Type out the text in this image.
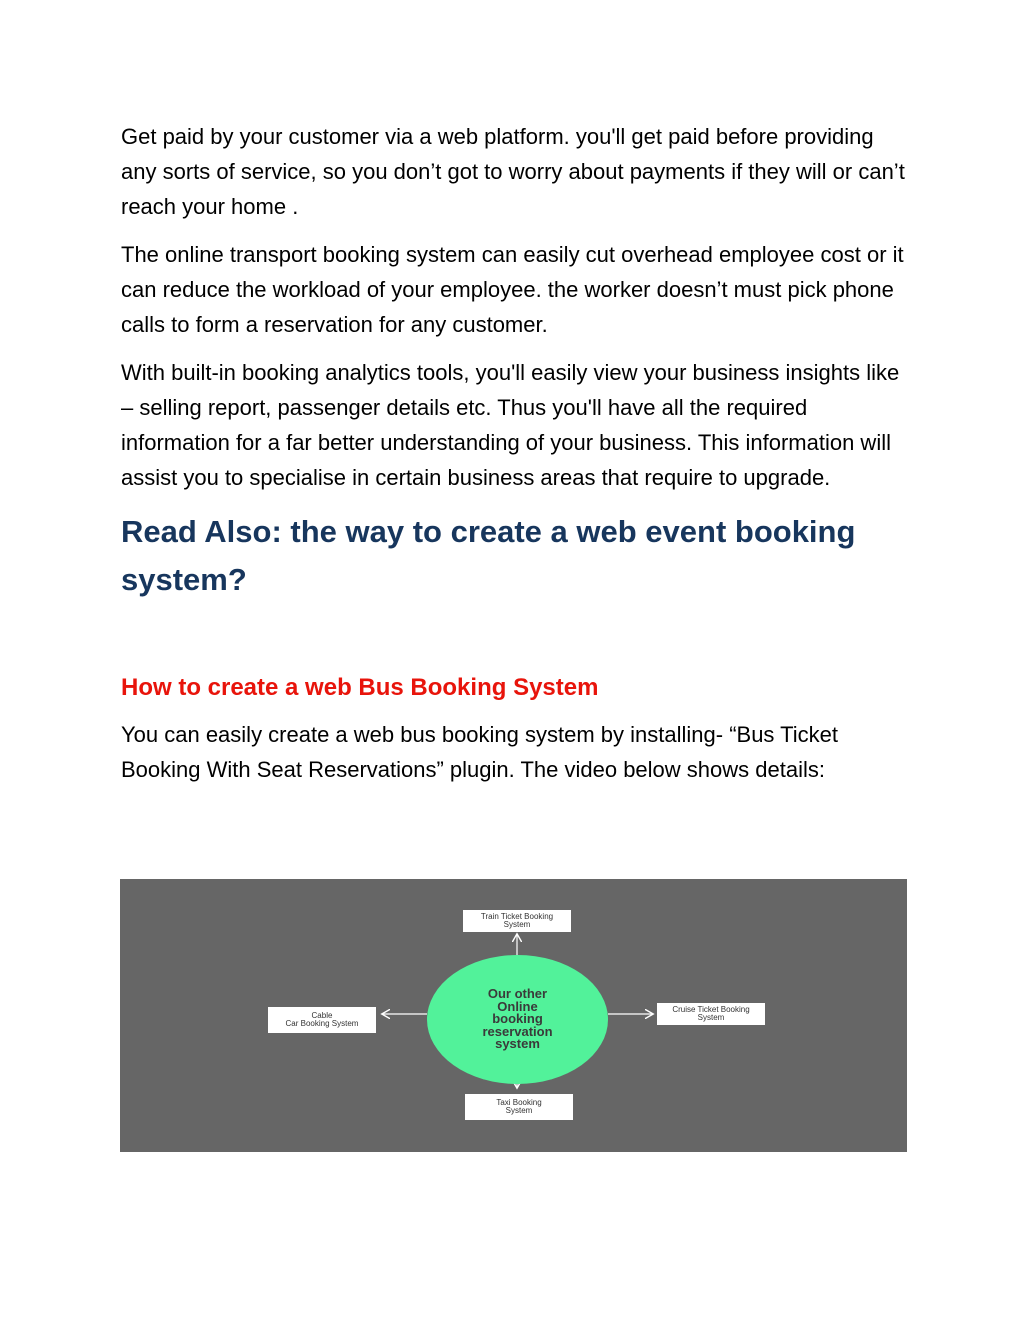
Get paid by your customer via a web platform. you'll get paid before providing any sorts of service, so you don’t got to worry about payments if they will or can’t reach your home .

The online transport booking system can easily cut overhead employee cost or it can reduce the workload of your employee. the worker doesn’t must pick phone calls to form a reservation for any customer.

With built-in booking analytics tools, you'll easily view your business insights like – selling report, passenger details etc. Thus you'll have all the required information for a far better understanding of your business. This information will assist you to specialise in certain business areas that require to upgrade.

Read Also: the way to create a web event booking system?
How to create a web Bus Booking System

You can easily create a web bus booking system by installing- “Bus Ticket Booking With Seat Reservations” plugin. The video below shows details:

Train Ticket Booking
System
Cable
Car Booking System
Cruise Ticket Booking
System
Taxi Booking
System
Our other
Online
booking
reservation
system
